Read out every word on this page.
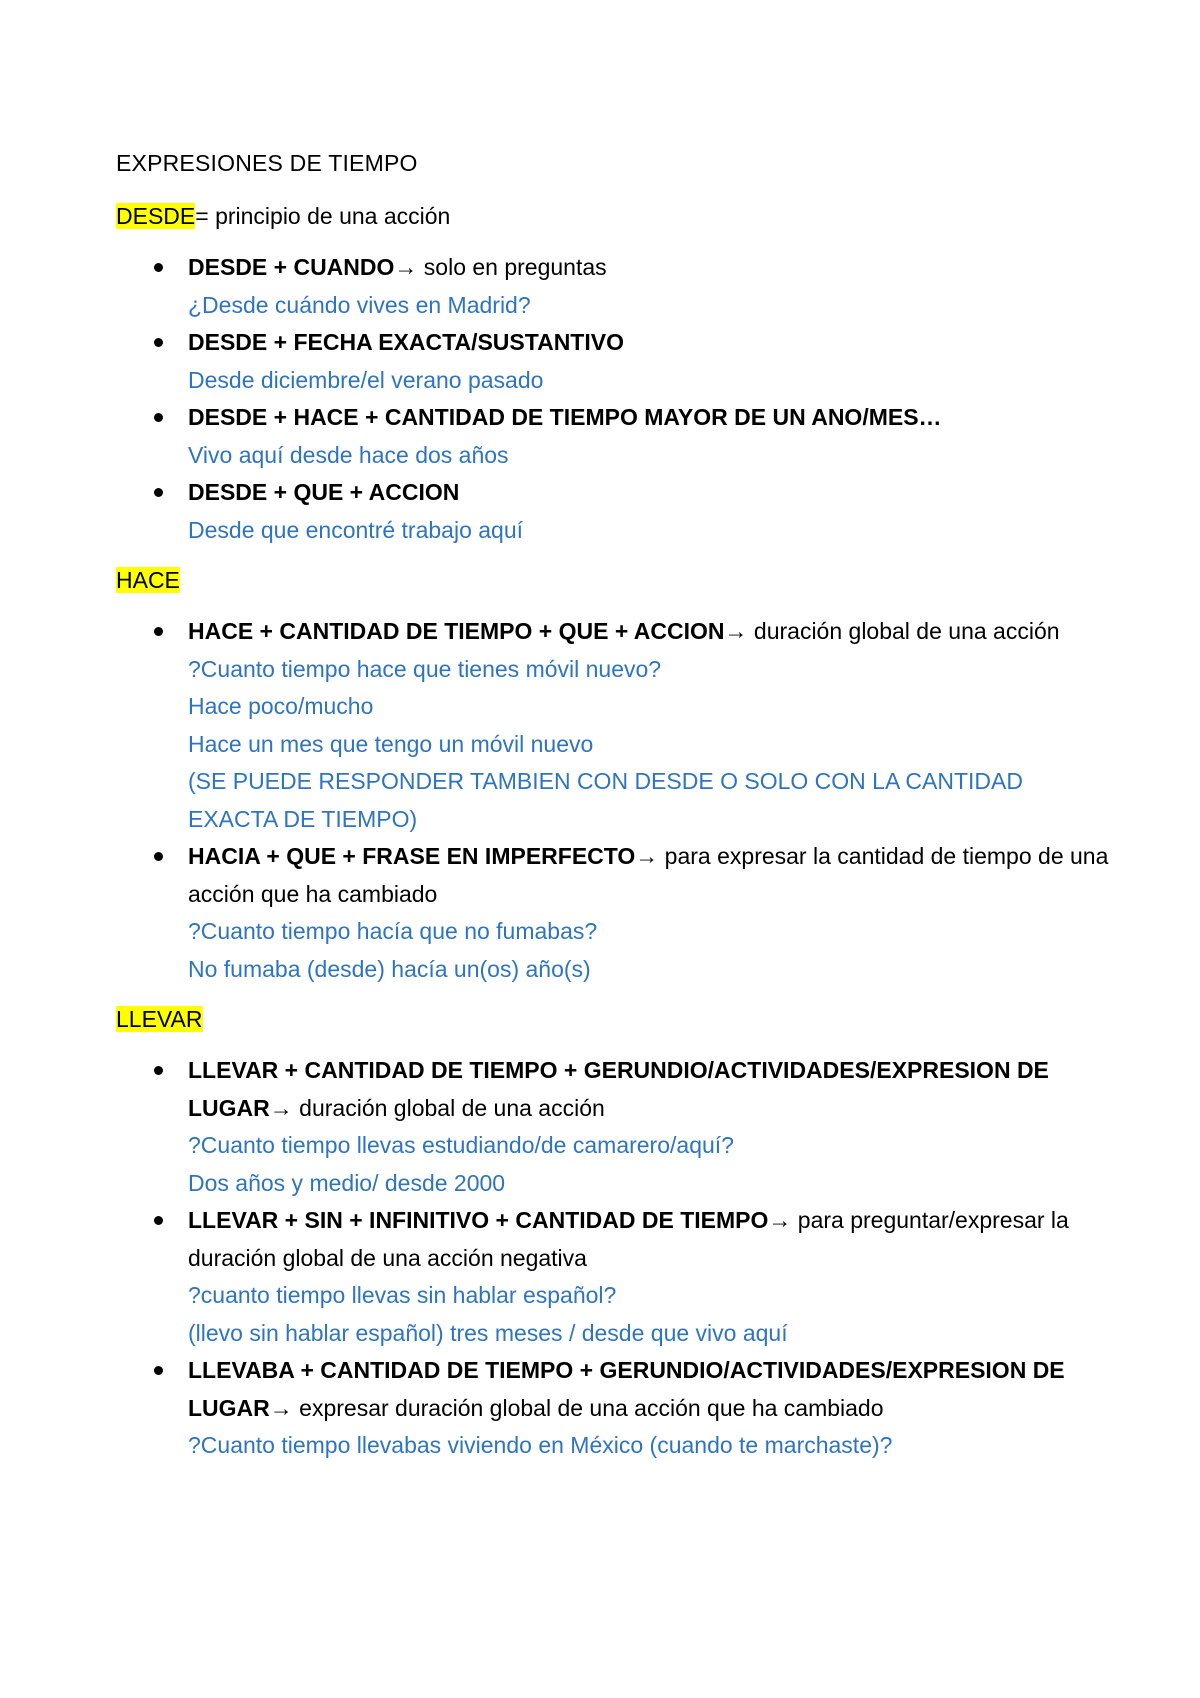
EXPRESIONES DE TIEMPO
DESDE= principio de una acción
DESDE + CUANDO→ solo en preguntas
¿Desde cuándo vives en Madrid?
DESDE + FECHA EXACTA/SUSTANTIVO
Desde diciembre/el verano pasado
DESDE + HACE + CANTIDAD DE TIEMPO MAYOR DE UN ANO/MES…
Vivo aquí desde hace dos años
DESDE + QUE + ACCION
Desde que encontré trabajo aquí
HACE
HACE + CANTIDAD DE TIEMPO + QUE + ACCION→ duración global de una acción
?Cuanto tiempo hace que tienes móvil nuevo?
Hace poco/mucho
Hace un mes que tengo un móvil nuevo
(SE PUEDE RESPONDER TAMBIEN CON DESDE O SOLO CON LA CANTIDAD EXACTA DE TIEMPO)
HACIA + QUE + FRASE EN IMPERFECTO→ para expresar la cantidad de tiempo de una acción que ha cambiado
?Cuanto tiempo hacía que no fumabas?
No fumaba (desde) hacía un(os) año(s)
LLEVAR
LLEVAR + CANTIDAD DE TIEMPO + GERUNDIO/ACTIVIDADES/EXPRESION DE LUGAR→ duración global de una acción
?Cuanto tiempo llevas estudiando/de camarero/aquí?
Dos años y medio/ desde 2000
LLEVAR + SIN + INFINITIVO + CANTIDAD DE TIEMPO→ para preguntar/expresar la duración global de una acción negativa
?cuanto tiempo llevas sin hablar español?
(llevo sin hablar español) tres meses / desde que vivo aquí
LLEVABA + CANTIDAD DE TIEMPO + GERUNDIO/ACTIVIDADES/EXPRESION DE LUGAR→ expresar duración global de una acción que ha cambiado
?Cuanto tiempo llevabas viviendo en México (cuando te marchaste)?
